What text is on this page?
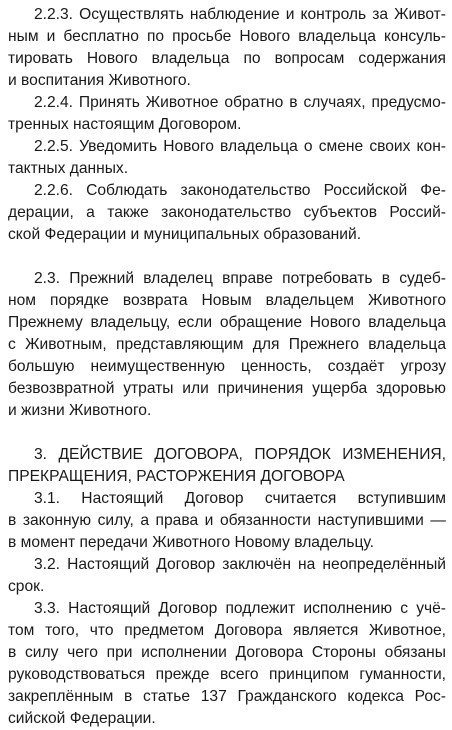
2.2.3. Осуществлять наблюдение и контроль за Живот-
ным и бесплатно по просьбе Нового владельца консуль-
тировать Нового владельца по вопросам содержания
и воспитания Животного.
2.2.4. Принять Животное обратно в случаях, предусмо-
тренных настоящим Договором.
2.2.5. Уведомить Нового владельца о смене своих кон-
тактных данных.
2.2.6. Соблюдать законодательство Российской Фе-
дерации, а также законодательство субъектов Россий-
ской Федерации и муниципальных образований.
2.3. Прежний владелец вправе потребовать в судеб-
ном порядке возврата Новым владельцем Животного
Прежнему владельцу, если обращение Нового владельца
с Животным, представляющим для Прежнего владельца
большую неимущественную ценность, создаёт угрозу
безвозвратной утраты или причинения ущерба здоровью
и жизни Животного.
3. ДЕЙСТВИЕ ДОГОВОРА, ПОРЯДОК ИЗМЕНЕНИЯ,
ПРЕКРАЩЕНИЯ, РАСТОРЖЕНИЯ ДОГОВОРА
3.1. Настоящий Договор считается вступившим
в законную силу, а права и обязанности наступившими —
в момент передачи Животного Новому владельцу.
3.2. Настоящий Договор заключён на неопределённый
срок.
3.3. Настоящий Договор подлежит исполнению с учё-
том того, что предметом Договора является Животное,
в силу чего при исполнении Договора Стороны обязаны
руководствоваться прежде всего принципом гуманности,
закреплённым в статье 137 Гражданского кодекса Рос-
сийской Федерации.
